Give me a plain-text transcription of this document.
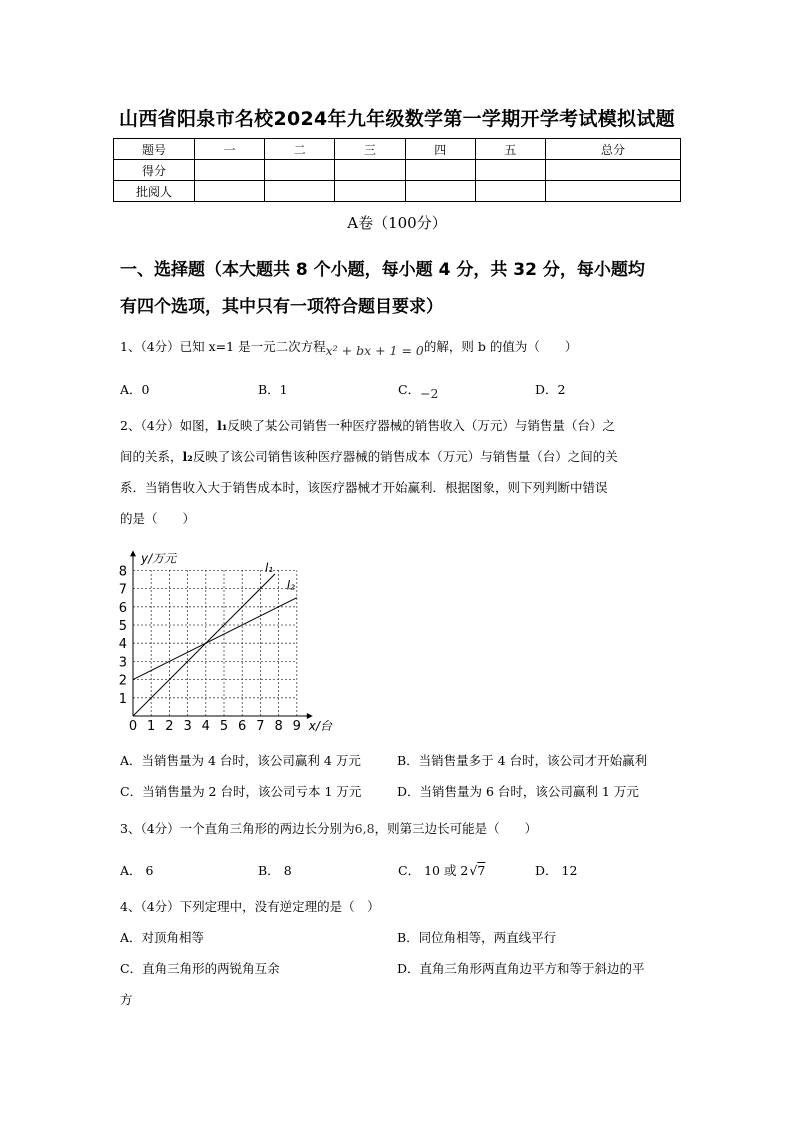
山西省阳泉市名校2024年九年级数学第一学期开学考试模拟试题
题号	一	二	三	四	五	总分
得分						
批阅人						
A卷（100分）
一、选择题（本大题共 8 个小题，每小题 4 分，共 32 分，每小题均
有四个选项，其中只有一项符合题目要求）
1、（4分）已知 x=1 是一元二次方程x² + bx + 1 = 0的解，则 b 的值为（　　）
A．0	B．1	C．−2	D．2
2、（4分）如图，l₁反映了某公司销售一种医疗器械的销售收入（万元）与销售量（台）之
间的关系，l₂反映了该公司销售该种医疗器械的销售成本（万元）与销售量（台）之间的关
系．当销售收入大于销售成本时，该医疗器械才开始赢利．根据图象，则下列判断中错误
的是（　　）
0 1 2 3 4 5 6 7 8 9
1
2
3
4
5
6
7
8	l₁
l₂
y/万元
x/台
A．当销售量为 4 台时，该公司赢利 4 万元	B．当销售量多于 4 台时，该公司才开始赢利
C．当销售量为 2 台时，该公司亏本 1 万元	D．当销售量为 6 台时，该公司赢利 1 万元
3、（4分）一个直角三角形的两边长分别为6,8，则第三边长可能是（　　）
A． 6	B． 8	C． 10 或 2√7	D． 12
4、（4分）下列定理中，没有逆定理的是（　）
A．对顶角相等	B．同位角相等，两直线平行
C．直角三角形的两锐角互余	D．直角三角形两直角边平方和等于斜边的平
方
